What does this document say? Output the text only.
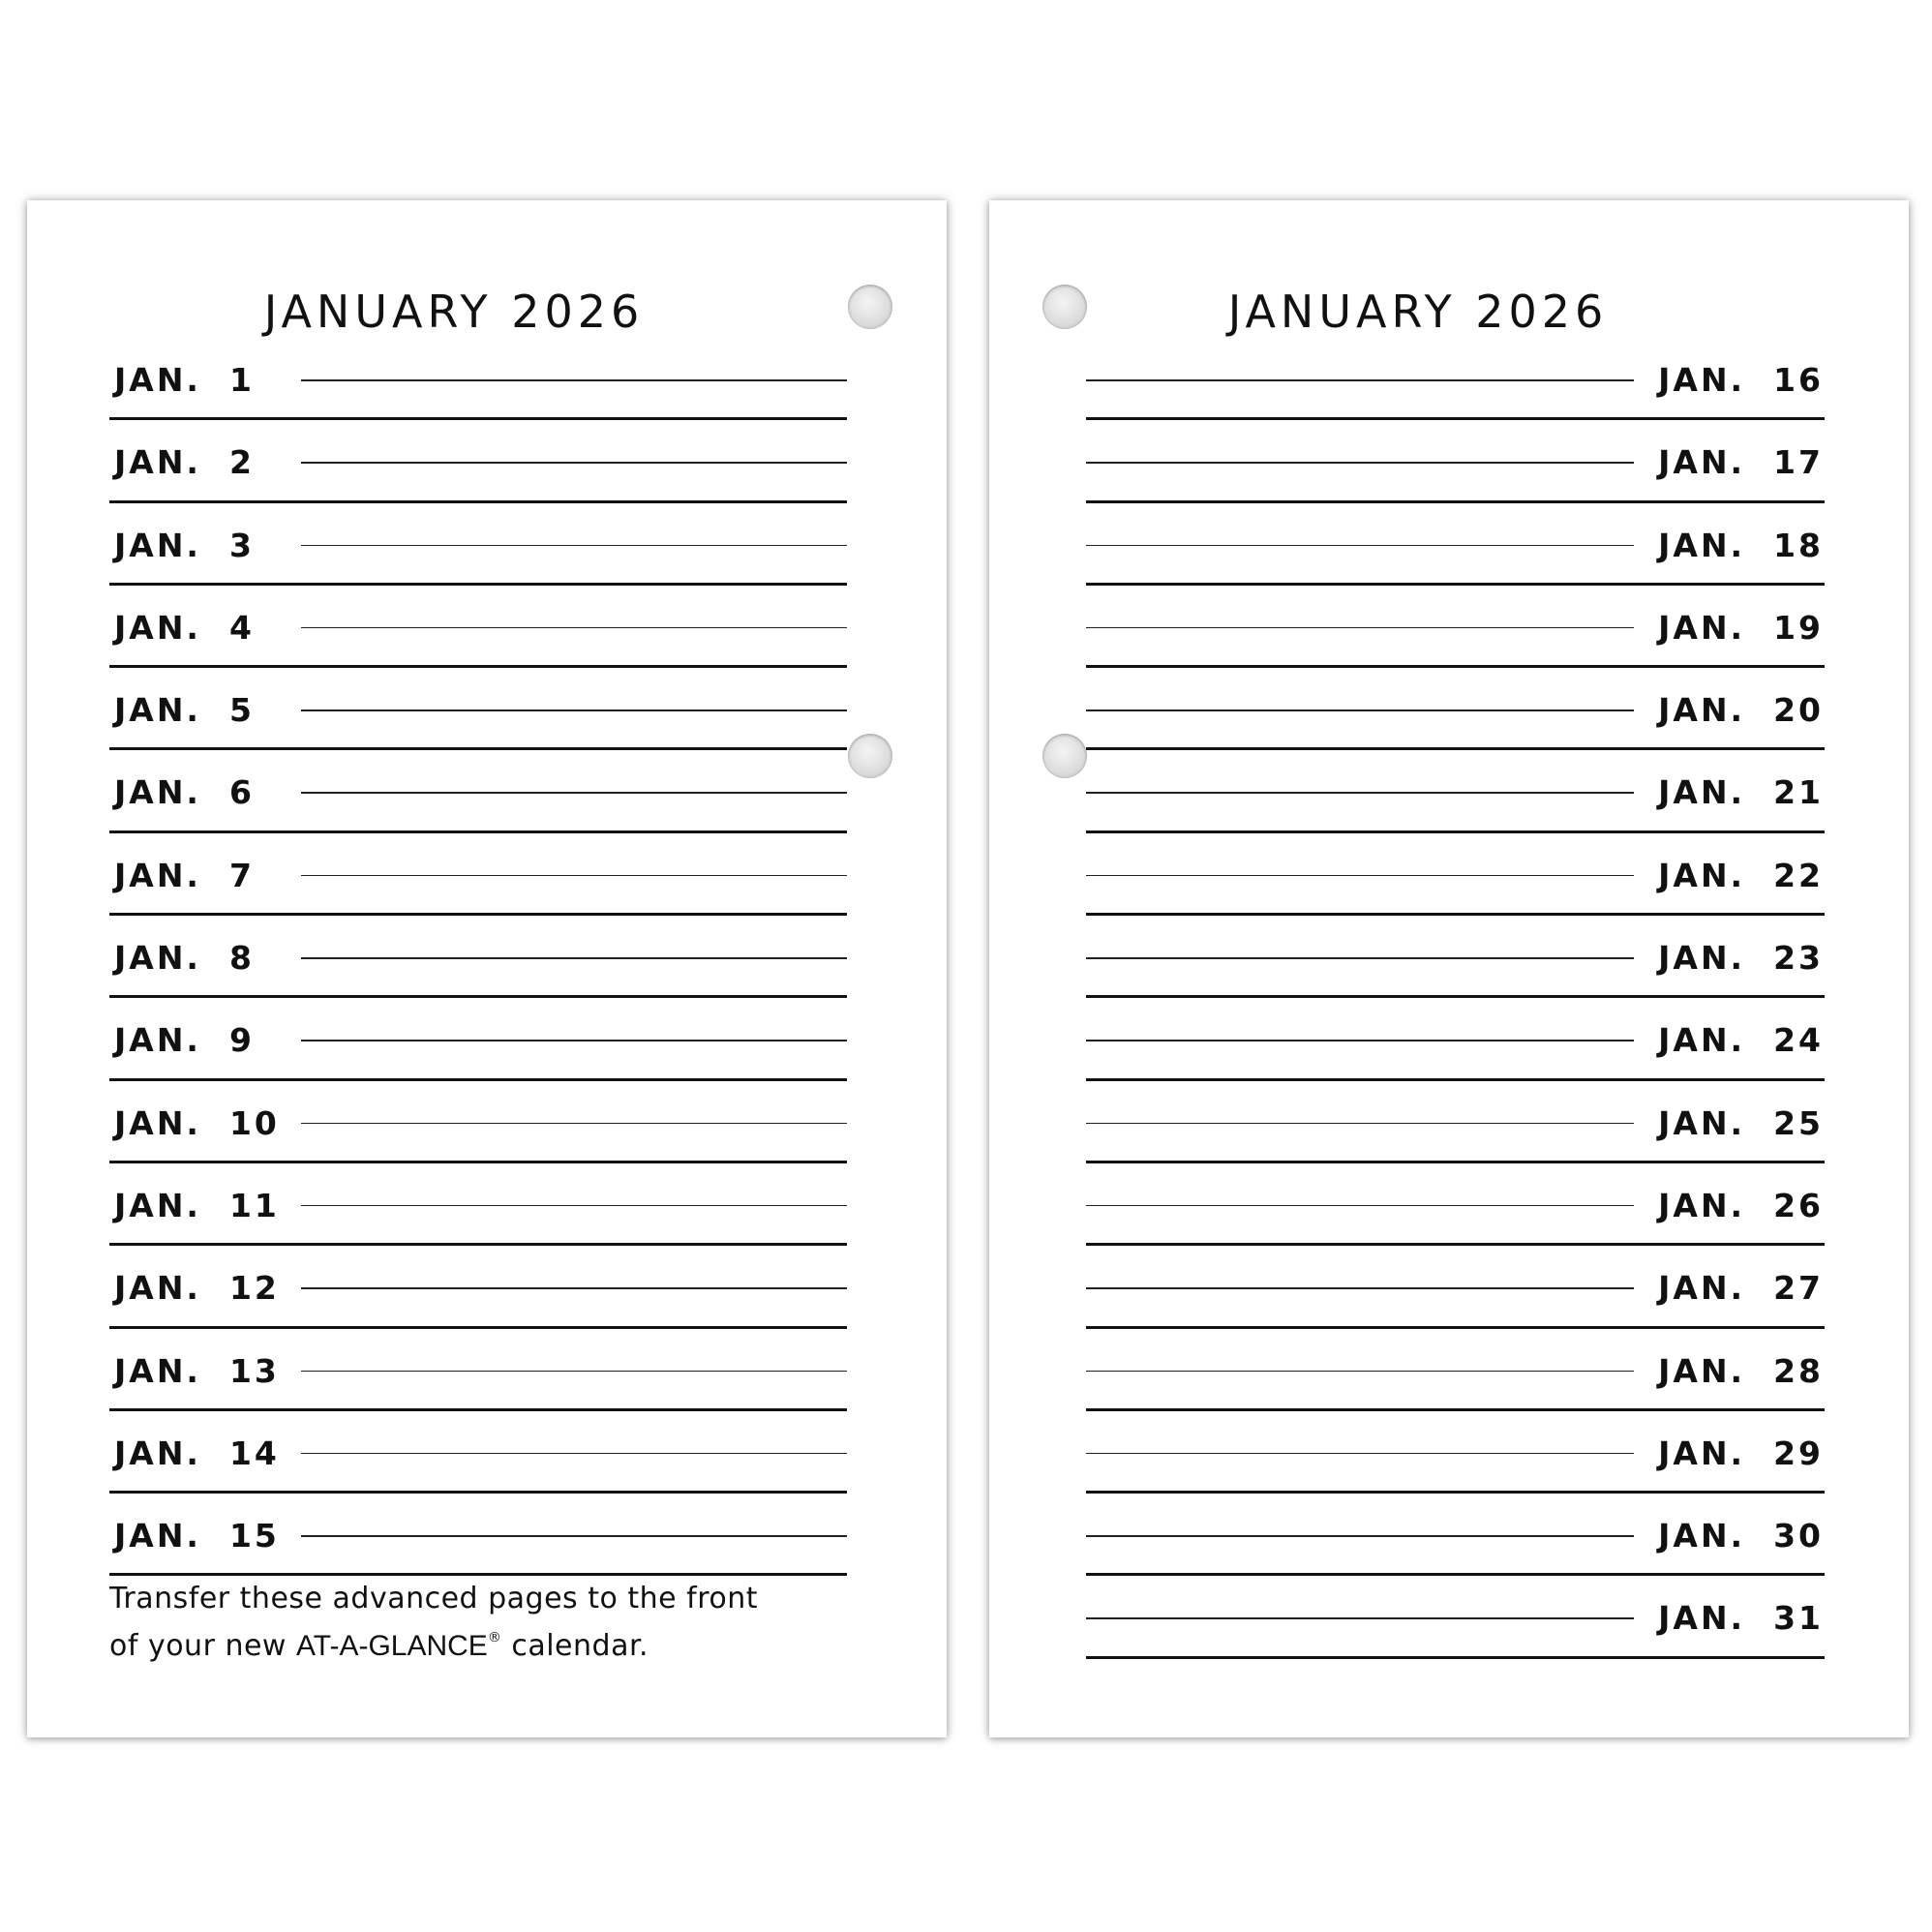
JANUARY 2026
JAN.  1
JAN.  2
JAN.  3
JAN.  4
JAN.  5
JAN.  6
JAN.  7
JAN.  8
JAN.  9
JAN.  10
JAN.  11
JAN.  12
JAN.  13
JAN.  14
JAN.  15

Transfer these advanced pages to the front
of your new AT-A-GLANCE® calendar.

JANUARY 2026
JAN.  16
JAN.  17
JAN.  18
JAN.  19
JAN.  20
JAN.  21
JAN.  22
JAN.  23
JAN.  24
JAN.  25
JAN.  26
JAN.  27
JAN.  28
JAN.  29
JAN.  30
JAN.  31
